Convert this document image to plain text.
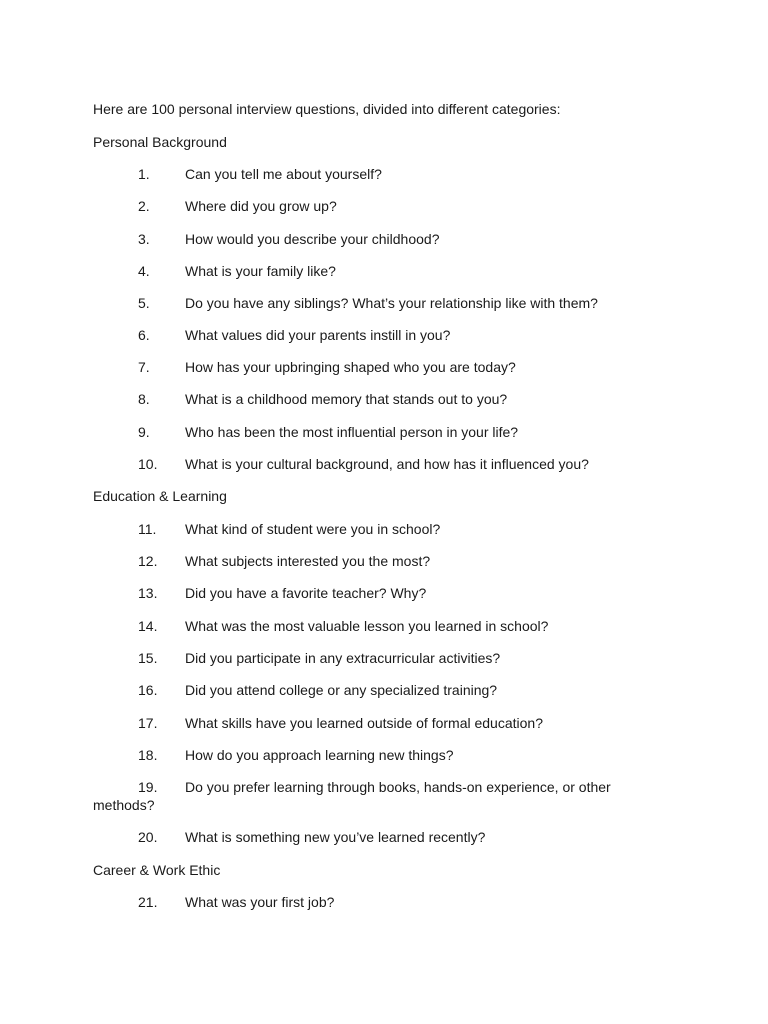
Here are 100 personal interview questions, divided into different categories:
Personal Background
1.	Can you tell me about yourself?
2.	Where did you grow up?
3.	How would you describe your childhood?
4.	What is your family like?
5.	Do you have any siblings? What’s your relationship like with them?
6.	What values did your parents instill in you?
7.	How has your upbringing shaped who you are today?
8.	What is a childhood memory that stands out to you?
9.	Who has been the most influential person in your life?
10.	What is your cultural background, and how has it influenced you?
Education & Learning
11.	What kind of student were you in school?
12.	What subjects interested you the most?
13.	Did you have a favorite teacher? Why?
14.	What was the most valuable lesson you learned in school?
15.	Did you participate in any extracurricular activities?
16.	Did you attend college or any specialized training?
17.	What skills have you learned outside of formal education?
18.	How do you approach learning new things?
19.	Do you prefer learning through books, hands-on experience, or other methods?
20.	What is something new you’ve learned recently?
Career & Work Ethic
21.	What was your first job?
